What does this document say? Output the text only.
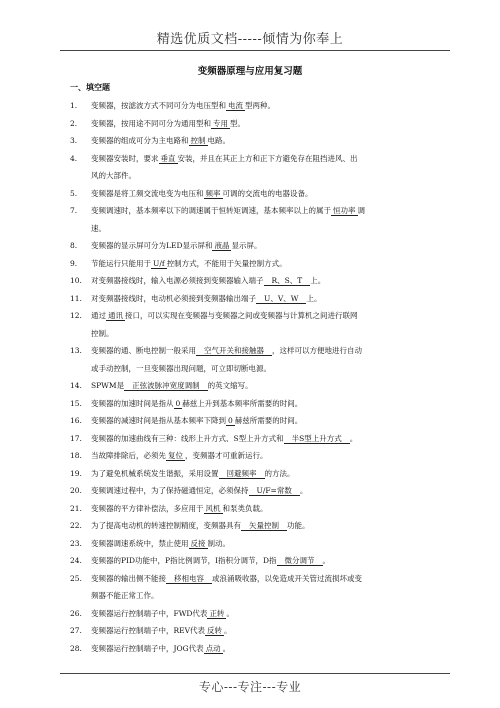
精选优质文档-----倾情为你奉上
变频器原理与应用复习题
一、填空题
1. 变频器，按滤波方式不同可分为电压型和 电流 型两种。
2. 变频器，按用途不同可分为通用型和 专用 型。
3. 变频器的组成可分为主电路和 控制 电路。
4. 变频器安装时，要求 垂直 安装，并且在其正上方和正下方避免存在阻挡进风、出
风的大部件。
5. 变频器是将工频交流电变为电压和 频率 可调的交流电的电器设备。
7. 变频调速时，基本频率以下的调速属于恒转矩调速，基本频率以上的属于 恒功率 调
速。
8. 变频器的显示屏可分为LED显示屏和 液晶 显示屏。
9. 节能运行只能用于 U/f 控制方式，不能用于矢量控制方式。
10. 对变频器接线时，输入电源必须接到变频器输入端子 R、S、T 上。
11. 对变频器接线时，电动机必须接到变频器输出端子 U、V、W 上。
12. 通过 通讯 接口，可以实现在变频器与变频器之间或变频器与计算机之间进行联网
控制。
13. 变频器的通、断电控制一般采用 空气开关和接触器 ，这样可以方便地进行自动
或手动控制，一旦变频器出现问题，可立即切断电源。
14. SPWM是 正弦波脉冲宽度调制 的英文缩写。
15. 变频器的加速时间是指从 0 赫兹上升到基本频率所需要的时间。
16. 变频器的减速时间是指从基本频率下降到 0 赫兹所需要的时间。
17. 变频器的加速曲线有三种：线形上升方式、S型上升方式和 半S型上升方式 。
18. 当故障排除后，必须先 复位 ，变频器才可重新运行。
19. 为了避免机械系统发生谐振，采用设置 回避频率 的方法。
20. 变频调速过程中，为了保持磁通恒定，必须保持 U/F=常数 。
21. 变频器的平方律补偿法，多应用于 风机 和泵类负载。
22. 为了提高电动机的转速控制精度，变频器具有 矢量控制 功能。
23. 变频器调速系统中，禁止使用 反接 制动。
24. 变频器的PID功能中，P指比例调节，I指积分调节，D指 微分调节 。
25. 变频器的输出侧不能接 移相电容 或浪涌吸收器，以免造成开关管过流损坏或变
频器不能正常工作。
26. 变频器运行控制端子中，FWD代表 正转 。
27. 变频器运行控制端子中，REV代表 反转 。
28. 变频器运行控制端子中，JOG代表 点动 。
专心---专注---专业
